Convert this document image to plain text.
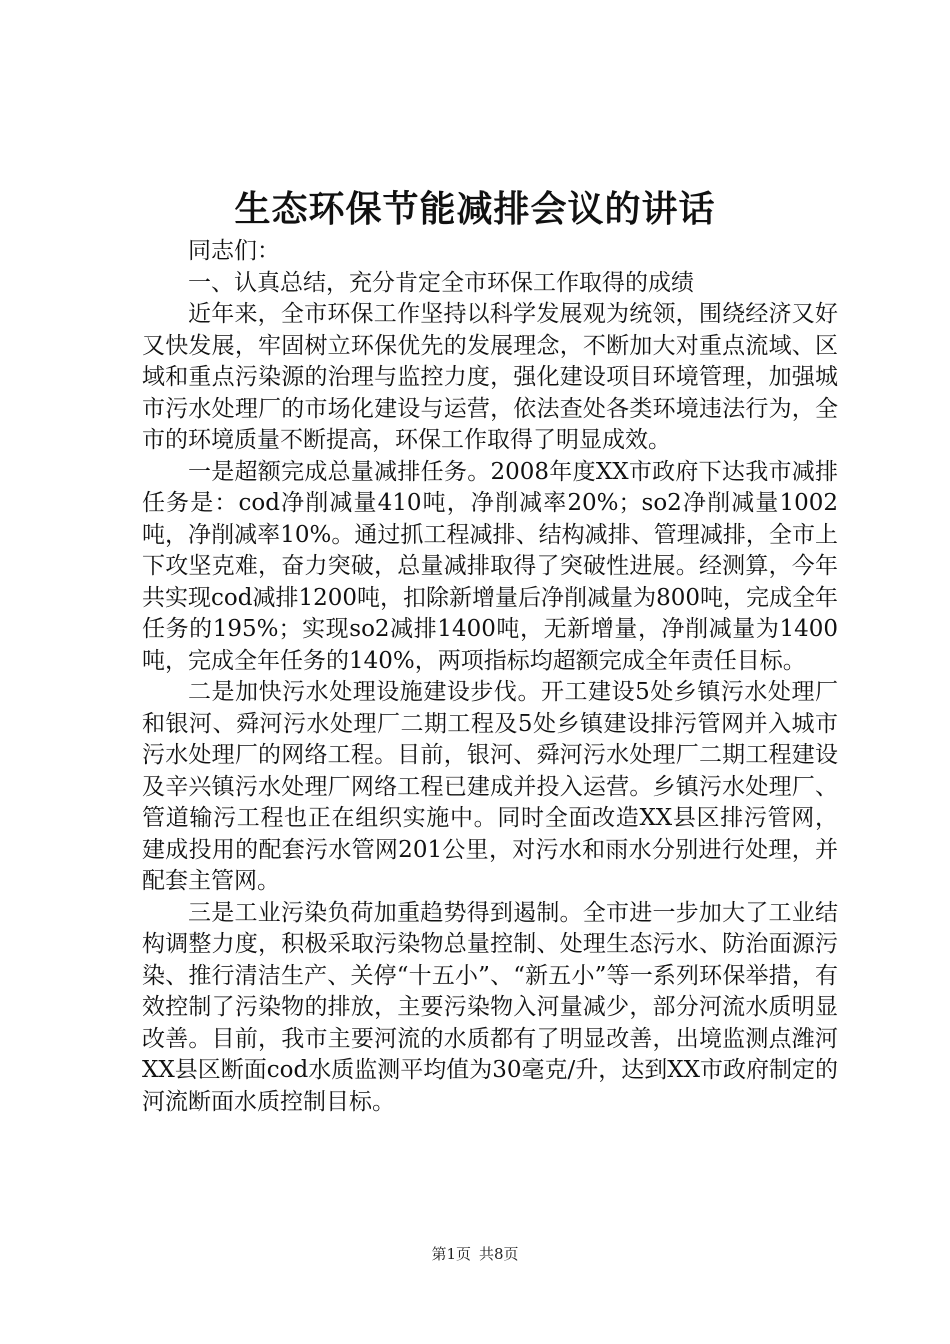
生态环保节能减排会议的讲话

同志们：

一、认真总结，充分肯定全市环保工作取得的成绩

近年来，全市环保工作坚持以科学发展观为统领，围绕经济又好又快发展，牢固树立环保优先的发展理念，不断加大对重点流域、区域和重点污染源的治理与监控力度，强化建设项目环境管理，加强城市污水处理厂的市场化建设与运营，依法查处各类环境违法行为，全市的环境质量不断提高，环保工作取得了明显成效。

一是超额完成总量减排任务。2008年度XX市政府下达我市减排任务是：cod净削减量410吨，净削减率20%；so2净削减量1002吨，净削减率10%。通过抓工程减排、结构减排、管理减排，全市上下攻坚克难，奋力突破，总量减排取得了突破性进展。经测算，今年共实现cod减排1200吨，扣除新增量后净削减量为800吨，完成全年任务的195%；实现so2减排1400吨，无新增量，净削减量为1400吨，完成全年任务的140%，两项指标均超额完成全年责任目标。

二是加快污水处理设施建设步伐。开工建设5处乡镇污水处理厂和银河、舜河污水处理厂二期工程及5处乡镇建设排污管网并入城市污水处理厂的网络工程。目前，银河、舜河污水处理厂二期工程建设及辛兴镇污水处理厂网络工程已建成并投入运营。乡镇污水处理厂、管道输污工程也正在组织实施中。同时全面改造XX县区排污管网，建成投用的配套污水管网201公里，对污水和雨水分别进行处理，并配套主管网。

三是工业污染负荷加重趋势得到遏制。全市进一步加大了工业结构调整力度，积极采取污染物总量控制、处理生态污水、防治面源污染、推行清洁生产、关停“十五小”、“新五小”等一系列环保举措，有效控制了污染物的排放，主要污染物入河量减少，部分河流水质明显改善。目前，我市主要河流的水质都有了明显改善，出境监测点潍河XX县区断面cod水质监测平均值为30毫克/升，达到XX市政府制定的河流断面水质控制目标。

第1页 共8页
